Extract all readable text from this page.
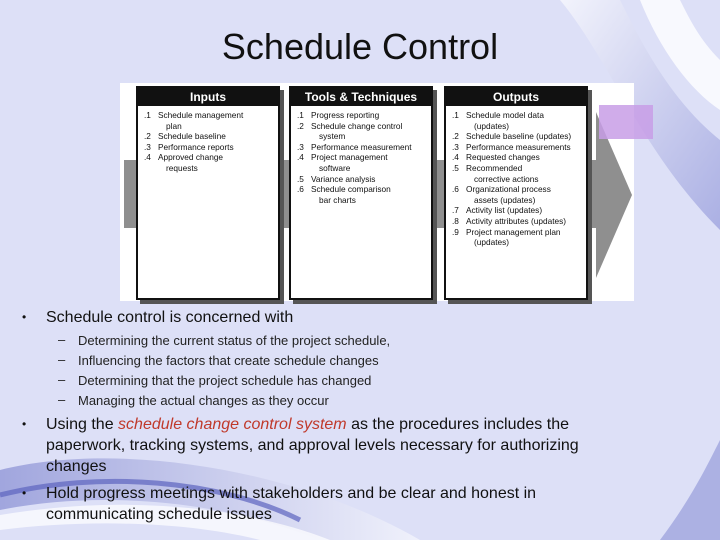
Schedule Control
Inputs
.1 Schedule management
plan
.2 Schedule baseline
.3 Performance reports
.4 Approved change
requests
Tools & Techniques
.1 Progress reporting
.2 Schedule change control
system
.3 Performance measurement
.4 Project management
software
.5 Variance analysis
.6 Schedule comparison
bar charts
Outputs
.1 Schedule model data
(updates)
.2 Schedule baseline (updates)
.3 Performance measurements
.4 Requested changes
.5 Recommended
corrective actions
.6 Organizational process
assets (updates)
.7 Activity list (updates)
.8 Activity attributes (updates)
.9 Project management plan
(updates)
• Schedule control is concerned with
– Determining the current status of the project schedule,
– Influencing the factors that create schedule changes
– Determining that the project schedule has changed
– Managing the actual changes as they occur
• Using the schedule change control system as the procedures includes the
paperwork, tracking systems, and approval levels necessary for authorizing
changes
• Hold progress meetings with stakeholders and be clear and honest in
communicating schedule issues
